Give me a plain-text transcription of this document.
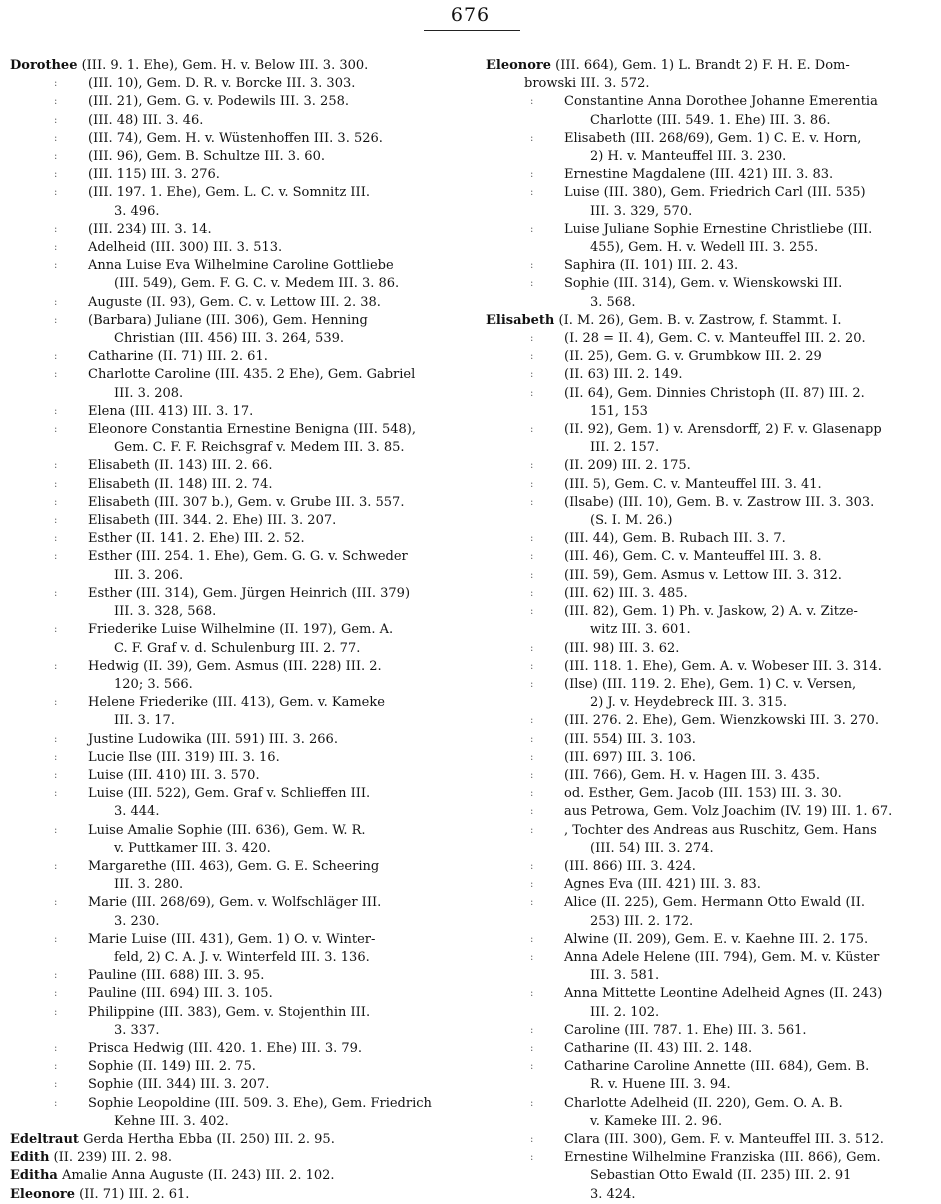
676
Dorothee (III. 9. 1. Ehe), Gem. H. v. Below III. 3. 300.
: (III. 10), Gem. D. R. v. Borcke III. 3. 303.
: (III. 21), Gem. G. v. Podewils III. 3. 258.
: (III. 48) III. 3. 46.
: (III. 74), Gem. H. v. Wüstenhoffen III. 3. 526.
: (III. 96), Gem. B. Schultze III. 3. 60.
: (III. 115) III. 3. 276.
: (III. 197. 1. Ehe), Gem. L. C. v. Somnitz III.
3. 496.
: (III. 234) III. 3. 14.
: Adelheid (III. 300) III. 3. 513.
: Anna Luise Eva Wilhelmine Caroline Gottliebe
(III. 549), Gem. F. G. C. v. Medem III. 3. 86.
: Auguste (II. 93), Gem. C. v. Lettow III. 2. 38.
: (Barbara) Juliane (III. 306), Gem. Henning
Christian (III. 456) III. 3. 264, 539.
: Catharine (II. 71) III. 2. 61.
: Charlotte Caroline (III. 435. 2 Ehe), Gem. Gabriel
III. 3. 208.
: Elena (III. 413) III. 3. 17.
: Eleonore Constantia Ernestine Benigna (III. 548),
Gem. C. F. F. Reichsgraf v. Medem III. 3. 85.
: Elisabeth (II. 143) III. 2. 66.
: Elisabeth (II. 148) III. 2. 74.
: Elisabeth (III. 307 b.), Gem. v. Grube III. 3. 557.
: Elisabeth (III. 344. 2. Ehe) III. 3. 207.
: Esther (II. 141. 2. Ehe) III. 2. 52.
: Esther (III. 254. 1. Ehe), Gem. G. G. v. Schweder
III. 3. 206.
: Esther (III. 314), Gem. Jürgen Heinrich (III. 379)
III. 3. 328, 568.
: Friederike Luise Wilhelmine (II. 197), Gem. A.
C. F. Graf v. d. Schulenburg III. 2. 77.
: Hedwig (II. 39), Gem. Asmus (III. 228) III. 2.
120; 3. 566.
: Helene Friederike (III. 413), Gem. v. Kameke
III. 3. 17.
: Justine Ludowika (III. 591) III. 3. 266.
: Lucie Ilse (III. 319) III. 3. 16.
: Luise (III. 410) III. 3. 570.
: Luise (III. 522), Gem. Graf v. Schlieffen III.
3. 444.
: Luise Amalie Sophie (III. 636), Gem. W. R.
v. Puttkamer III. 3. 420.
: Margarethe (III. 463), Gem. G. E. Scheering
III. 3. 280.
: Marie (III. 268/69), Gem. v. Wolfschläger III.
3. 230.
: Marie Luise (III. 431), Gem. 1) O. v. Winter-
feld, 2) C. A. J. v. Winterfeld III. 3. 136.
: Pauline (III. 688) III. 3. 95.
: Pauline (III. 694) III. 3. 105.
: Philippine (III. 383), Gem. v. Stojenthin III.
3. 337.
: Prisca Hedwig (III. 420. 1. Ehe) III. 3. 79.
: Sophie (II. 149) III. 2. 75.
: Sophie (III. 344) III. 3. 207.
: Sophie Leopoldine (III. 509. 3. Ehe), Gem. Friedrich
Kehne III. 3. 402.
Edeltraut Gerda Hertha Ebba (II. 250) III. 2. 95.
Edith (II. 239) III. 2. 98.
Editha Amalie Anna Auguste (II. 243) III. 2. 102.
Eleonore (II. 71) III. 2. 61.
Eleonore (III. 664), Gem. 1) L. Brandt 2) F. H. E. Dom-
browski III. 3. 572.
: Constantine Anna Dorothee Johanne Emerentia
Charlotte (III. 549. 1. Ehe) III. 3. 86.
: Elisabeth (III. 268/69), Gem. 1) C. E. v. Horn,
2) H. v. Manteuffel III. 3. 230.
: Ernestine Magdalene (III. 421) III. 3. 83.
: Luise (III. 380), Gem. Friedrich Carl (III. 535)
III. 3. 329, 570.
: Luise Juliane Sophie Ernestine Christliebe (III.
455), Gem. H. v. Wedell III. 3. 255.
: Saphira (II. 101) III. 2. 43.
: Sophie (III. 314), Gem. v. Wienskowski III.
3. 568.
Elisabeth (I. M. 26), Gem. B. v. Zastrow, f. Stammt. I.
: (I. 28 = II. 4), Gem. C. v. Manteuffel III. 2. 20.
: (II. 25), Gem. G. v. Grumbkow III. 2. 29
: (II. 63) III. 2. 149.
: (II. 64), Gem. Dinnies Christoph (II. 87) III. 2.
151, 153
: (II. 92), Gem. 1) v. Arensdorff, 2) F. v. Glasenapp
III. 2. 157.
: (II. 209) III. 2. 175.
: (III. 5), Gem. C. v. Manteuffel III. 3. 41.
: (Ilsabe) (III. 10), Gem. B. v. Zastrow III. 3. 303.
(S. I. M. 26.)
: (III. 44), Gem. B. Rubach III. 3. 7.
: (III. 46), Gem. C. v. Manteuffel III. 3. 8.
: (III. 59), Gem. Asmus v. Lettow III. 3. 312.
: (III. 62) III. 3. 485.
: (III. 82), Gem. 1) Ph. v. Jaskow, 2) A. v. Zitze-
witz III. 3. 601.
: (III. 98) III. 3. 62.
: (III. 118. 1. Ehe), Gem. A. v. Wobeser III. 3. 314.
: (Ilse) (III. 119. 2. Ehe), Gem. 1) C. v. Versen,
2) J. v. Heydebreck III. 3. 315.
: (III. 276. 2. Ehe), Gem. Wienzkowski III. 3. 270.
: (III. 554) III. 3. 103.
: (III. 697) III. 3. 106.
: (III. 766), Gem. H. v. Hagen III. 3. 435.
: od. Esther, Gem. Jacob (III. 153) III. 3. 30.
: aus Petrowa, Gem. Volz Joachim (IV. 19) III. 1. 67.
: , Tochter des Andreas aus Ruschitz, Gem. Hans
(III. 54) III. 3. 274.
: (III. 866) III. 3. 424.
: Agnes Eva (III. 421) III. 3. 83.
: Alice (II. 225), Gem. Hermann Otto Ewald (II.
253) III. 2. 172.
: Alwine (II. 209), Gem. E. v. Kaehne III. 2. 175.
: Anna Adele Helene (III. 794), Gem. M. v. Küster
III. 3. 581.
: Anna Mittette Leontine Adelheid Agnes (II. 243)
III. 2. 102.
: Caroline (III. 787. 1. Ehe) III. 3. 561.
: Catharine (II. 43) III. 2. 148.
: Catharine Caroline Annette (III. 684), Gem. B.
R. v. Huene III. 3. 94.
: Charlotte Adelheid (II. 220), Gem. O. A. B.
v. Kameke III. 2. 96.
: Clara (III. 300), Gem. F. v. Manteuffel III. 3. 512.
: Ernestine Wilhelmine Franziska (III. 866), Gem.
Sebastian Otto Ewald (II. 235) III. 2. 91
3. 424.
